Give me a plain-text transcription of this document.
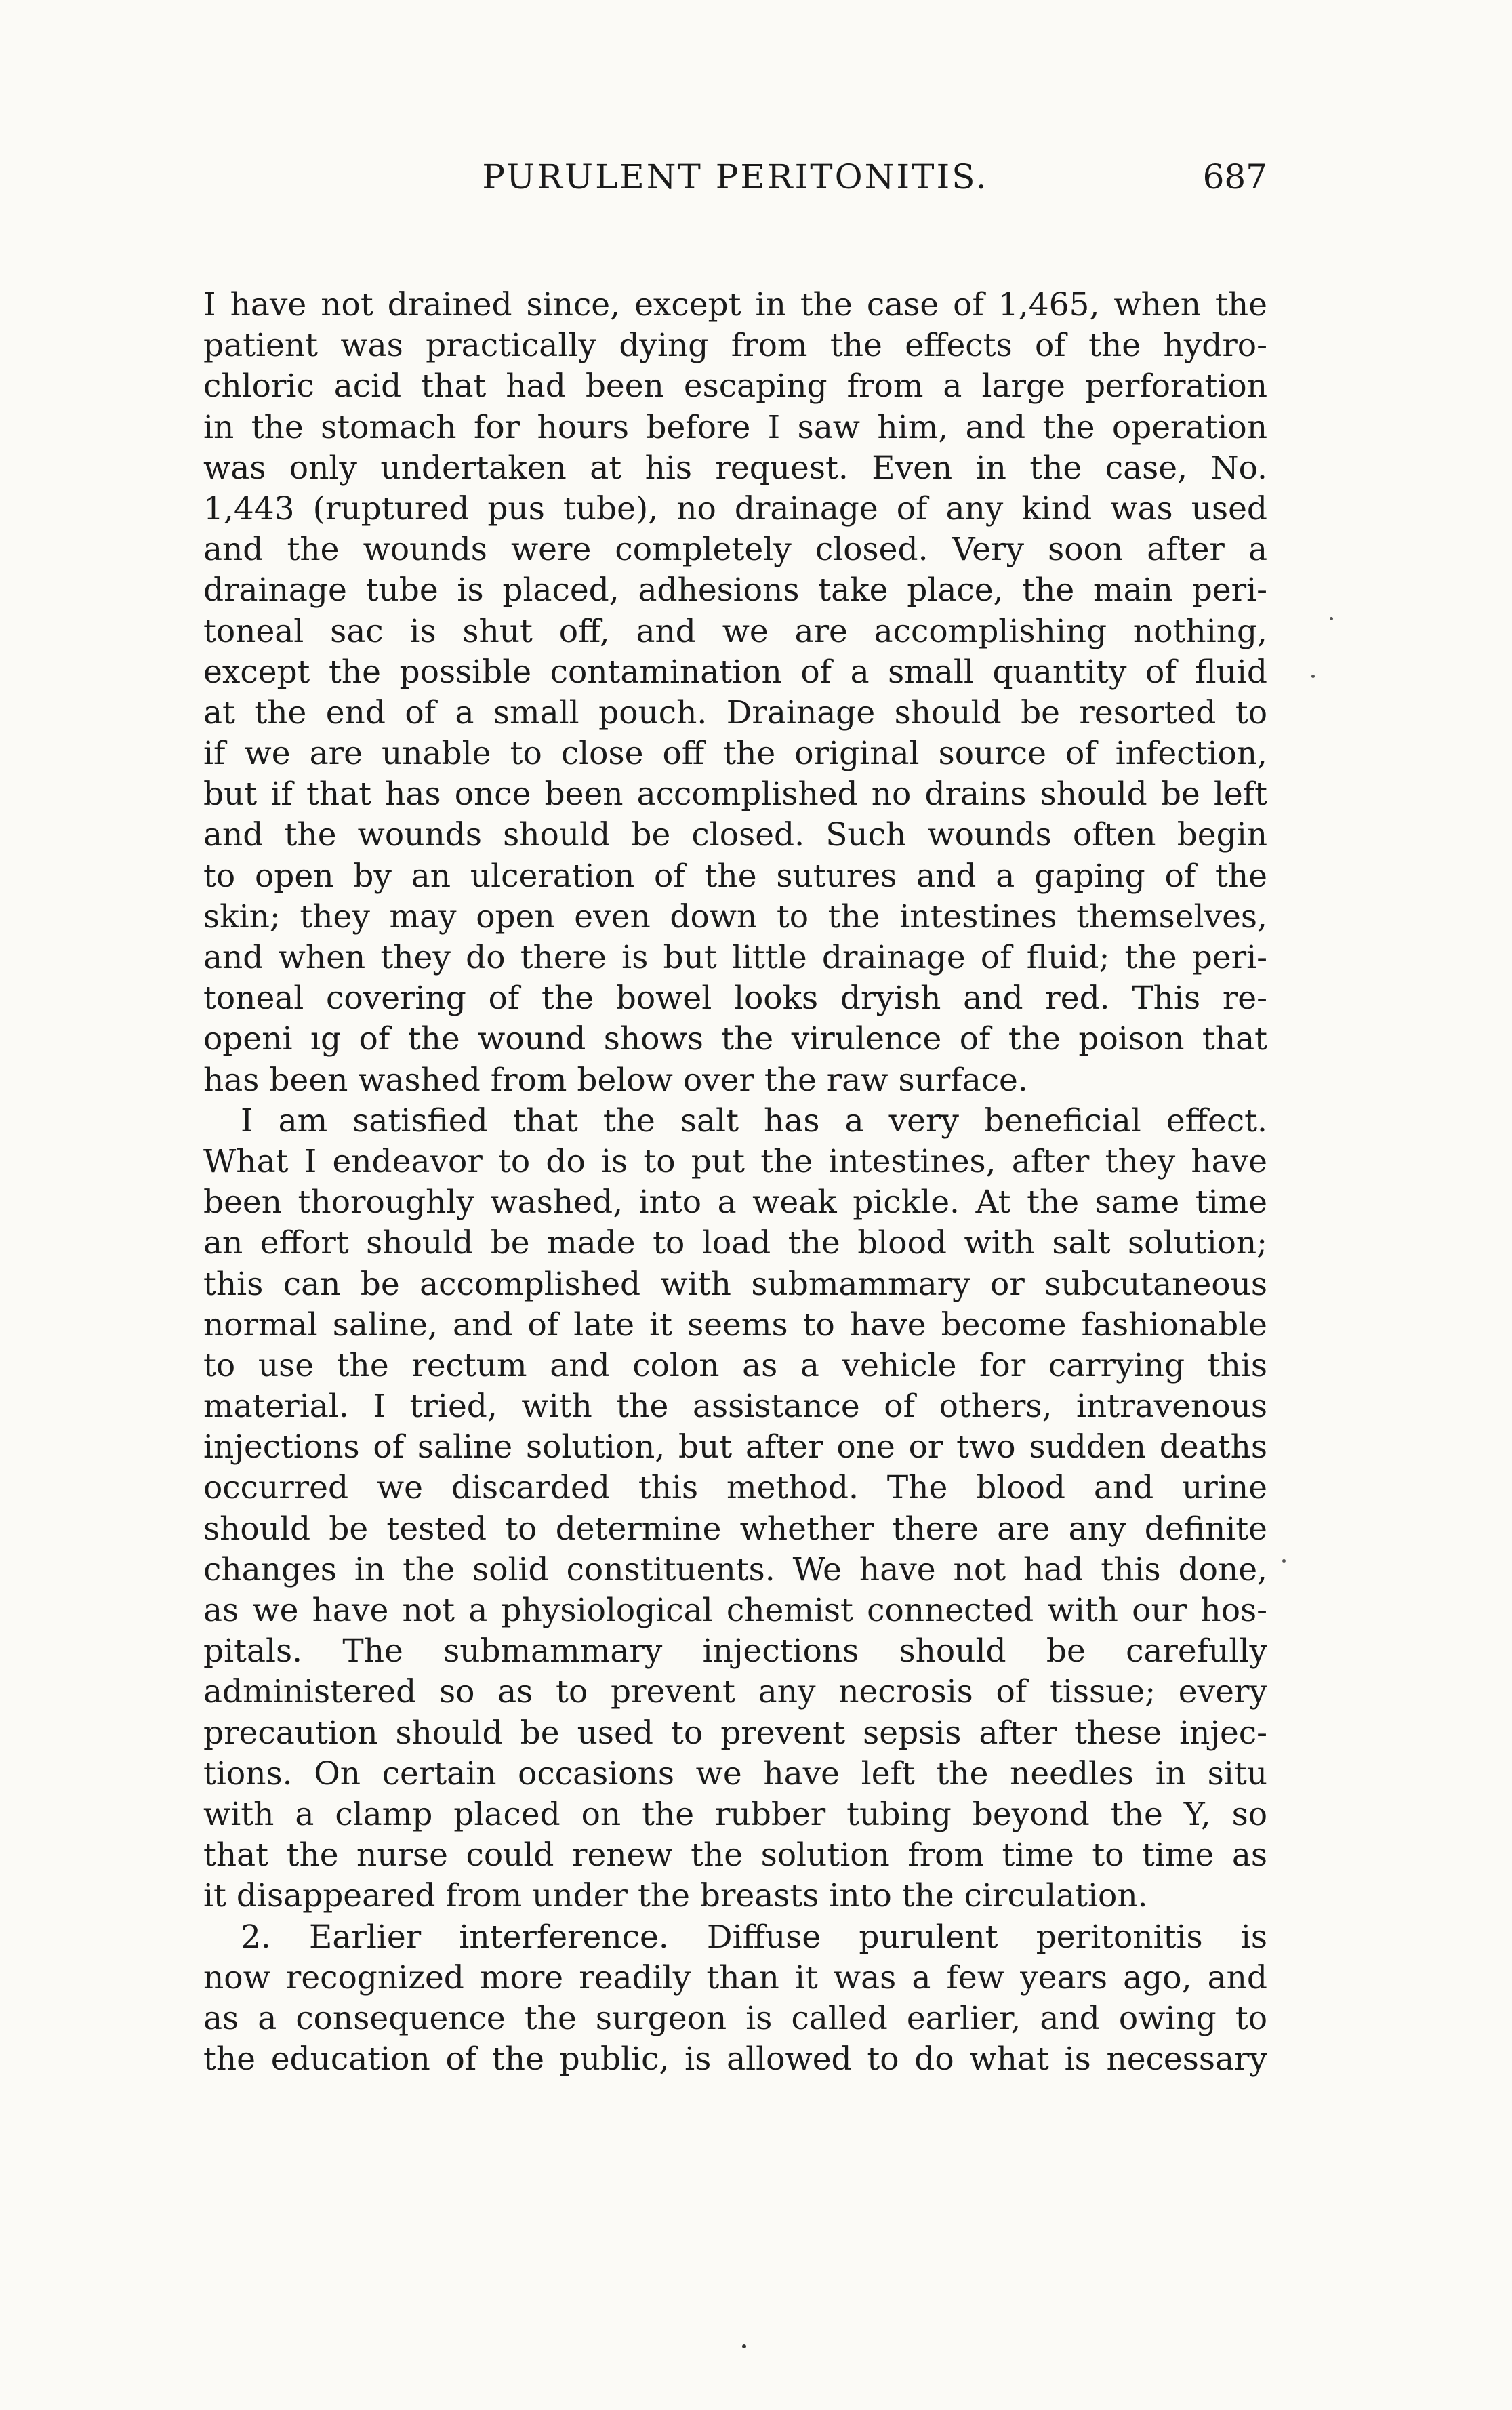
PURULENT PERITONITIS.	687
I have not drained since, except in the case of 1,465, when the
patient was practically dying from the effects of the hydro-
chloric acid that had been escaping from a large perforation
in the stomach for hours before I saw him, and the operation
was only undertaken at his request. Even in the case, No.
1,443 (ruptured pus tube), no drainage of any kind was used
and the wounds were completely closed. Very soon after a
drainage tube is placed, adhesions take place, the main peri-
toneal sac is shut off, and we are accomplishing nothing,
except the possible contamination of a small quantity of fluid
at the end of a small pouch. Drainage should be resorted to
if we are unable to close off the original source of infection,
but if that has once been accomplished no drains should be left
and the wounds should be closed. Such wounds often begin
to open by an ulceration of the sutures and a gaping of the
skin; they may open even down to the intestines themselves,
and when they do there is but little drainage of fluid; the peri-
toneal covering of the bowel looks dryish and red. This re-
openi ıg of the wound shows the virulence of the poison that
has been washed from below over the raw surface.
I am satisfied that the salt has a very beneficial effect.
What I endeavor to do is to put the intestines, after they have
been thoroughly washed, into a weak pickle. At the same time
an effort should be made to load the blood with salt solution;
this can be accomplished with submammary or subcutaneous
normal saline, and of late it seems to have become fashionable
to use the rectum and colon as a vehicle for carrying this
material. I tried, with the assistance of others, intravenous
injections of saline solution, but after one or two sudden deaths
occurred we discarded this method. The blood and urine
should be tested to determine whether there are any definite
changes in the solid constituents. We have not had this done,
as we have not a physiological chemist connected with our hos-
pitals. The submammary injections should be carefully
administered so as to prevent any necrosis of tissue; every
precaution should be used to prevent sepsis after these injec-
tions. On certain occasions we have left the needles in situ
with a clamp placed on the rubber tubing beyond the Y, so
that the nurse could renew the solution from time to time as
it disappeared from under the breasts into the circulation.
2. Earlier interference. Diffuse purulent peritonitis is
now recognized more readily than it was a few years ago, and
as a consequence the surgeon is called earlier, and owing to
the education of the public, is allowed to do what is necessary
